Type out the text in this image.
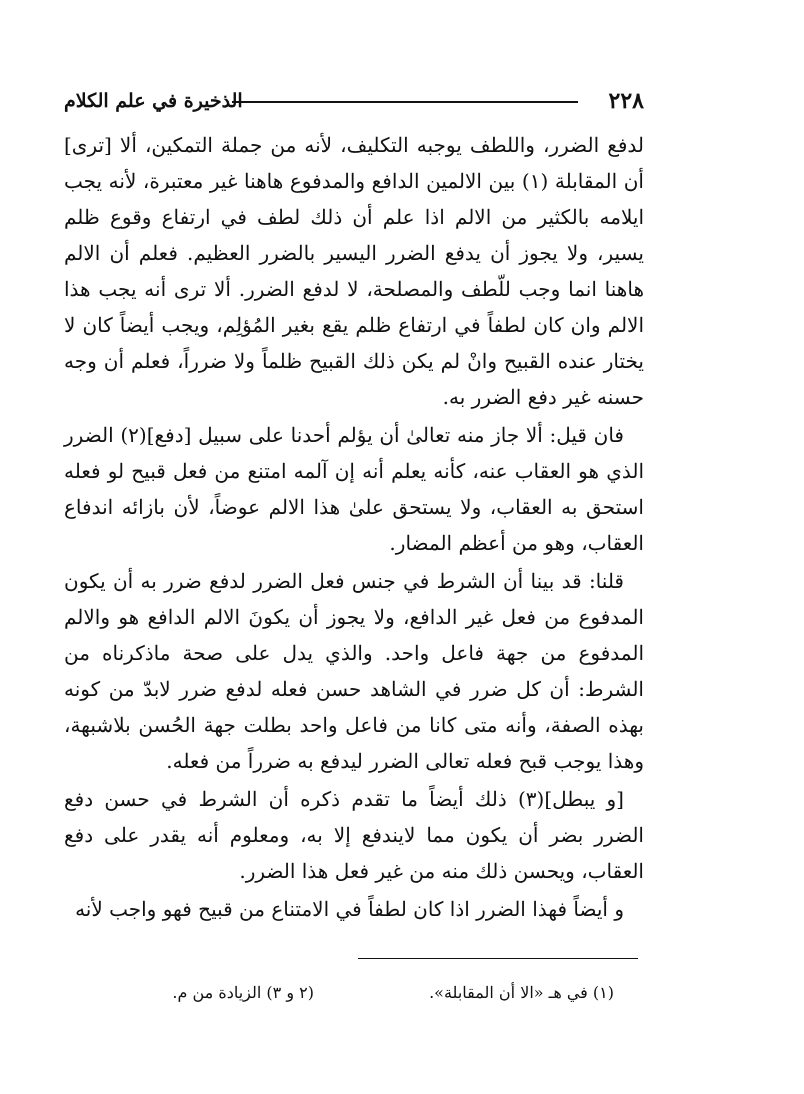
٢٢٨
الذخيرة في علم الكلام

لدفع الضرر، واللطف يوجبه التكليف، لأنه من جملة التمكين، ألا [ترى] أن المقابلة (١) بين الالمين الدافع والمدفوع هاهنا غير معتبرة، لأنه يجب ايلامه بالكثير من الالم اذا علم أن ذلك لطف في ارتفاع وقوع ظلم يسير، ولا يجوز أن يدفع الضرر اليسير بالضرر العظيم. فعلم أن الالم هاهنا انما وجب للّطف والمصلحة، لا لدفع الضرر. ألا ترى أنه يجب هذا الالم وان كان لطفاً في ارتفاع ظلم يقع بغير المُؤلِم، ويجب أيضاً كان لا يختار عنده القبيح وانْ لم يكن ذلك القبيح ظلماً ولا ضرراً، فعلم أن وجه حسنه غير دفع الضرر به.

فان قيل: ألا جاز منه تعالىٰ أن يؤلم أحدنا على سبيل [دفع](٢) الضرر الذي هو العقاب عنه، كأنه يعلم أنه إن آلمه امتنع من فعل قبيح لو فعله استحق به العقاب، ولا يستحق علىٰ هذا الالم عوضاً، لأن بازائه اندفاع العقاب، وهو من أعظم المضار.

قلنا: قد بينا أن الشرط في جنس فعل الضرر لدفع ضرر به أن يكون المدفوع من فعل غير الدافع، ولا يجوز أن يكونَ الالم الدافع هو والالم المدفوع من جهة فاعل واحد. والذي يدل على صحة ماذكرناه من الشرط: أن كل ضرر في الشاهد حسن فعله لدفع ضرر لابدّ من كونه بهذه الصفة، وأنه متى كانا من فاعل واحد بطلت جهة الحُسن بلاشبهة، وهذا يوجب قبح فعله تعالى الضرر ليدفع به ضرراً من فعله.

[و يبطل](٣) ذلك أيضاً ما تقدم ذكره أن الشرط في حسن دفع الضرر بضر أن يكون مما لايندفع إلا به، ومعلوم أنه يقدر على دفع العقاب، ويحسن ذلك منه من غير فعل هذا الضرر.

و أيضاً فهذا الضرر اذا كان لطفاً في الامتناع من قبيح فهو واجب لأنه

(١) في هـ «الا أن المقابلة».
(٢ و ٣) الزيادة من م.
